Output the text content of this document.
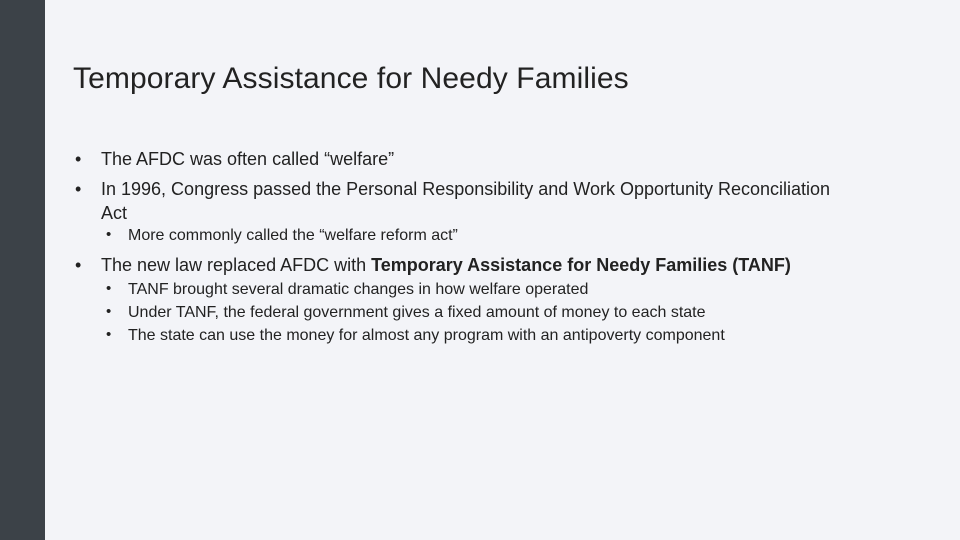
Temporary Assistance for Needy Families
• The AFDC was often called “welfare”
• In 1996, Congress passed the Personal Responsibility and Work Opportunity Reconciliation
Act
• More commonly called the “welfare reform act”
• The new law replaced AFDC with Temporary Assistance for Needy Families (TANF)
• TANF brought several dramatic changes in how welfare operated
• Under TANF, the federal government gives a fixed amount of money to each state
• The state can use the money for almost any program with an antipoverty component
